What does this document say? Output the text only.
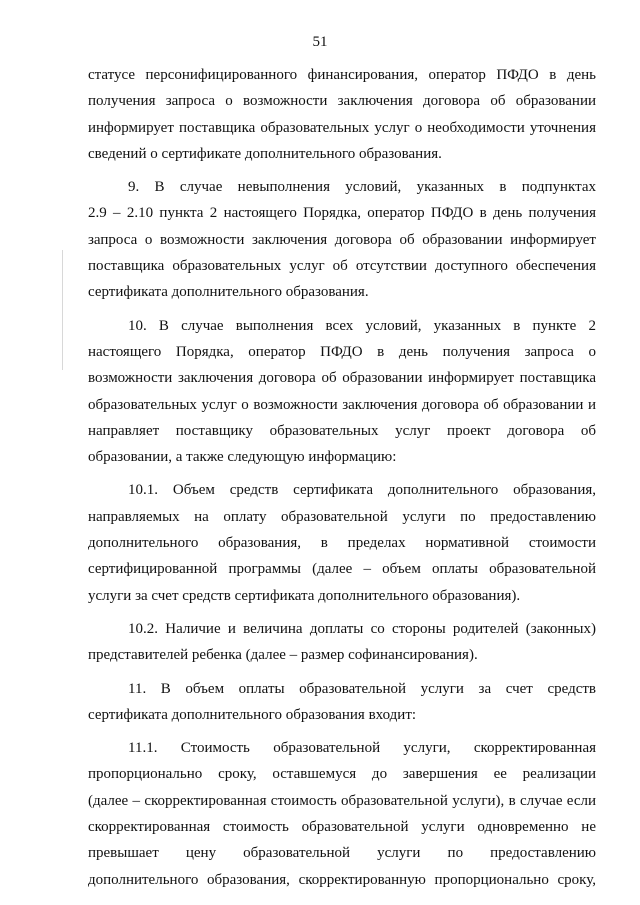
51
статусе персонифицированного финансирования, оператор ПФДО в день
получения запроса о возможности заключения договора об образовании
информирует поставщика образовательных услуг о необходимости уточнения
сведений о сертификате дополнительного образования.
9. В случае невыполнения условий, указанных в подпунктах
2.9 – 2.10 пункта 2 настоящего Порядка, оператор ПФДО в день получения
запроса о возможности заключения договора об образовании информирует
поставщика образовательных услуг об отсутствии доступного обеспечения
сертификата дополнительного образования.
10. В случае выполнения всех условий, указанных в пункте 2
настоящего Порядка, оператор ПФДО в день получения запроса о
возможности заключения договора об образовании информирует поставщика
образовательных услуг о возможности заключения договора об образовании и
направляет поставщику образовательных услуг проект договора об
образовании, а также следующую информацию:
10.1. Объем средств сертификата дополнительного образования,
направляемых на оплату образовательной услуги по предоставлению
дополнительного образования, в пределах нормативной стоимости
сертифицированной программы (далее – объем оплаты образовательной
услуги за счет средств сертификата дополнительного образования).
10.2. Наличие и величина доплаты со стороны родителей (законных)
представителей ребенка (далее – размер софинансирования).
11. В объем оплаты образовательной услуги за счет средств
сертификата дополнительного образования входит:
11.1. Стоимость образовательной услуги, скорректированная
пропорционально сроку, оставшемуся до завершения ее реализации
(далее – скорректированная стоимость образовательной услуги), в случае если
скорректированная стоимость образовательной услуги одновременно не
превышает цену образовательной услуги по предоставлению
дополнительного образования, скорректированную пропорционально сроку,
